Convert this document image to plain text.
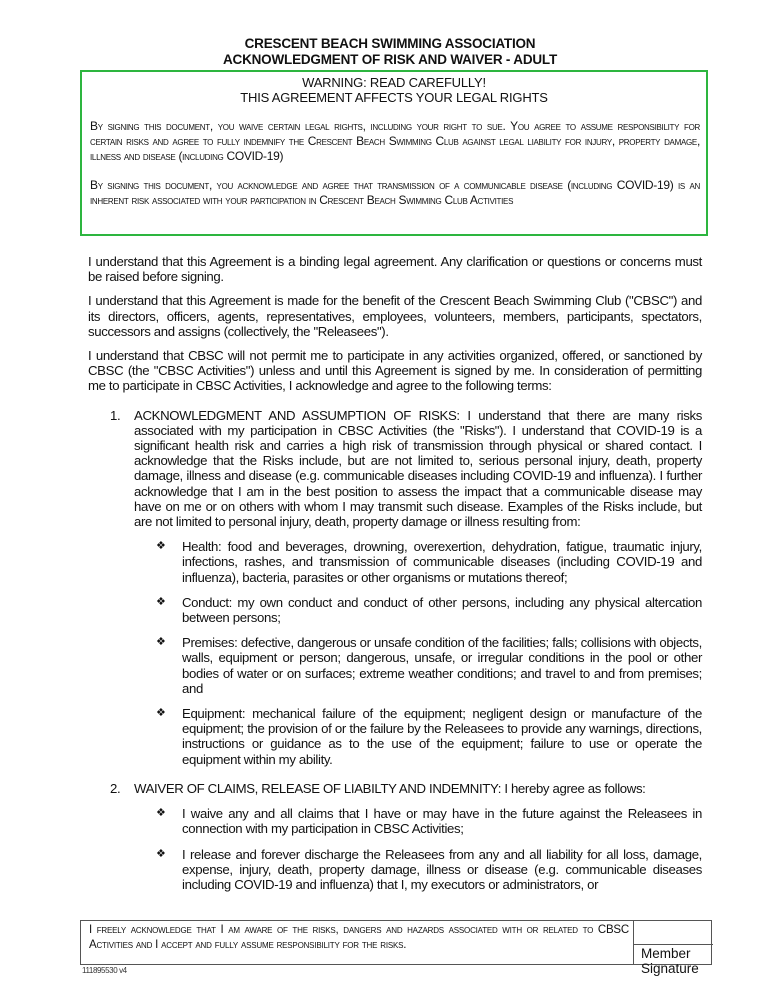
CRESCENT BEACH SWIMMING ASSOCIATION
ACKNOWLEDGMENT OF RISK AND WAIVER - ADULT
WARNING: READ CAREFULLY!
THIS AGREEMENT AFFECTS YOUR LEGAL RIGHTS
By signing this document, you waive certain legal rights, including your right to sue. You agree to assume responsibility for certain risks and agree to fully indemnify the Crescent Beach Swimming Club against legal liability for injury, property damage, illness and disease (including COVID-19)
By signing this document, you acknowledge and agree that transmission of a communicable disease (including COVID-19) is an inherent risk associated with your participation in Crescent Beach Swimming Club Activities

I understand that this Agreement is a binding legal agreement. Any clarification or questions or concerns must be raised before signing.

I understand that this Agreement is made for the benefit of the Crescent Beach Swimming Club ("CBSC") and its directors, officers, agents, representatives, employees, volunteers, members, participants, spectators, successors and assigns (collectively, the "Releasees").

I understand that CBSC will not permit me to participate in any activities organized, offered, or sanctioned by CBSC (the "CBSC Activities") unless and until this Agreement is signed by me. In consideration of permitting me to participate in CBSC Activities, I acknowledge and agree to the following terms:

1. ACKNOWLEDGMENT AND ASSUMPTION OF RISKS: I understand that there are many risks associated with my participation in CBSC Activities (the "Risks"). I understand that COVID-19 is a significant health risk and carries a high risk of transmission through physical or shared contact. I acknowledge that the Risks include, but are not limited to, serious personal injury, death, property damage, illness and disease (e.g. communicable diseases including COVID-19 and influenza). I further acknowledge that I am in the best position to assess the impact that a communicable disease may have on me or on others with whom I may transmit such disease. Examples of the Risks include, but are not limited to personal injury, death, property damage or illness resulting from:
❖ Health: food and beverages, drowning, overexertion, dehydration, fatigue, traumatic injury, infections, rashes, and transmission of communicable diseases (including COVID-19 and influenza), bacteria, parasites or other organisms or mutations thereof;
❖ Conduct: my own conduct and conduct of other persons, including any physical altercation between persons;
❖ Premises: defective, dangerous or unsafe condition of the facilities; falls; collisions with objects, walls, equipment or person; dangerous, unsafe, or irregular conditions in the pool or other bodies of water or on surfaces; extreme weather conditions; and travel to and from premises; and
❖ Equipment: mechanical failure of the equipment; negligent design or manufacture of the equipment; the provision of or the failure by the Releasees to provide any warnings, directions, instructions or guidance as to the use of the equipment; failure to use or operate the equipment within my ability.
2. WAIVER OF CLAIMS, RELEASE OF LIABILTY AND INDEMNITY: I hereby agree as follows:
❖ I waive any and all claims that I have or may have in the future against the Releasees in connection with my participation in CBSC Activities;
❖ I release and forever discharge the Releasees from any and all liability for all loss, damage, expense, injury, death, property damage, illness or disease (e.g. communicable diseases including COVID-19 and influenza) that I, my executors or administrators, or
I freely acknowledge that I am aware of the risks, dangers and hazards associated with or related to CBSC Activities and I accept and fully assume responsibility for the risks.
Member Signature
111895530 v4
